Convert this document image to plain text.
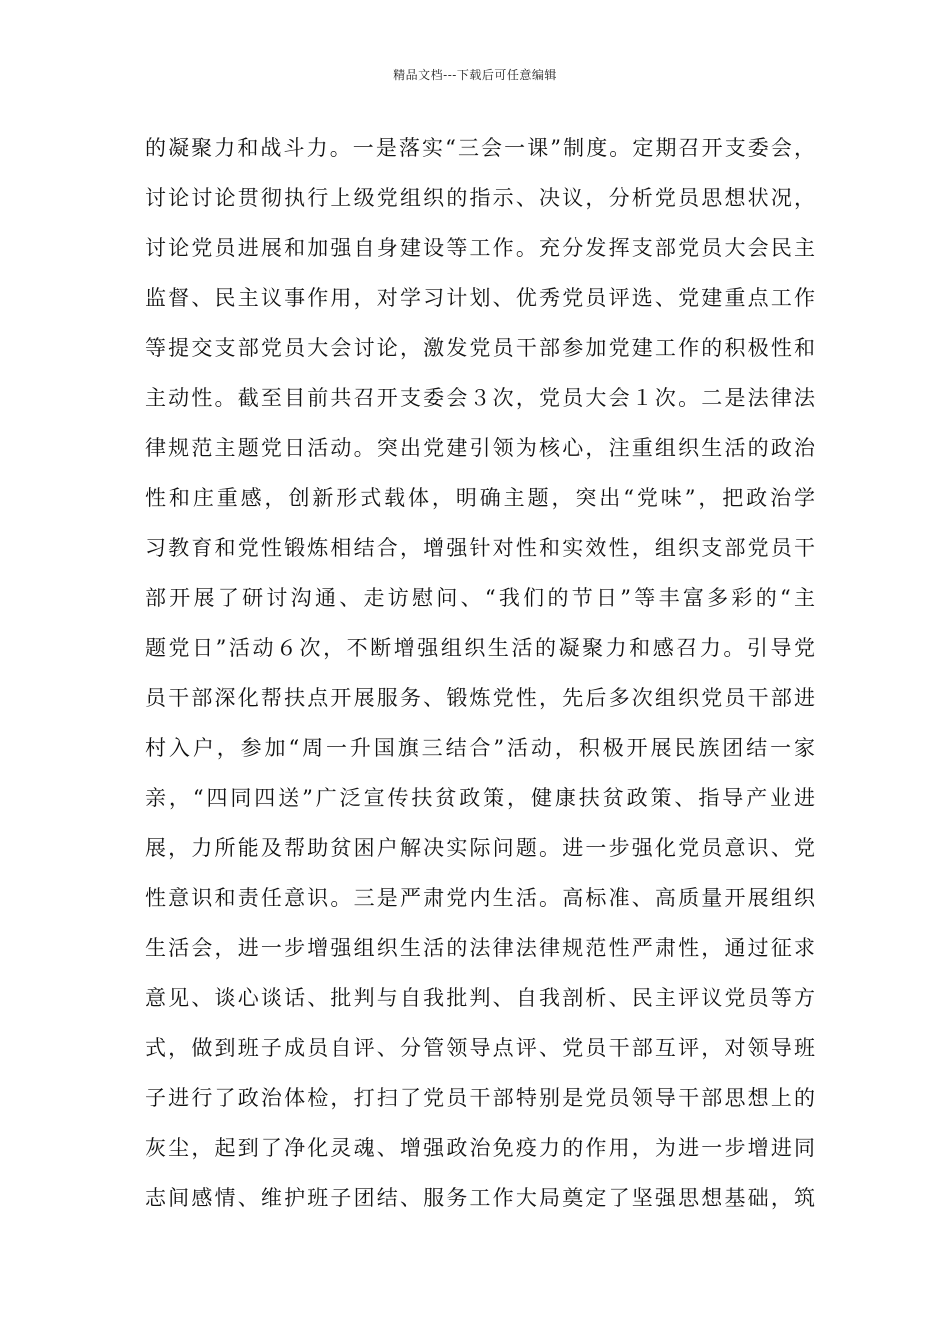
精品文档---下载后可任意编辑
的凝聚力和战斗力。一是落实“三会一课”制度。定期召开支委会，
讨论讨论贯彻执行上级党组织的指示、决议，分析党员思想状况，
讨论党员进展和加强自身建设等工作。充分发挥支部党员大会民主
监督、民主议事作用，对学习计划、优秀党员评选、党建重点工作
等提交支部党员大会讨论，激发党员干部参加党建工作的积极性和
主动性。截至目前共召开支委会３次，党员大会１次。二是法律法
律规范主题党日活动。突出党建引领为核心，注重组织生活的政治
性和庄重感，创新形式载体，明确主题，突出“党味”，把政治学
习教育和党性锻炼相结合，增强针对性和实效性，组织支部党员干
部开展了研讨沟通、走访慰问、“我们的节日”等丰富多彩的“主
题党日”活动６次，不断增强组织生活的凝聚力和感召力。引导党
员干部深化帮扶点开展服务、锻炼党性，先后多次组织党员干部进
村入户，参加“周一升国旗三结合”活动，积极开展民族团结一家
亲，“四同四送”广泛宣传扶贫政策，健康扶贫政策、指导产业进
展，力所能及帮助贫困户解决实际问题。进一步强化党员意识、党
性意识和责任意识。三是严肃党内生活。高标准、高质量开展组织
生活会，进一步增强组织生活的法律法律规范性严肃性，通过征求
意见、谈心谈话、批判与自我批判、自我剖析、民主评议党员等方
式，做到班子成员自评、分管领导点评、党员干部互评，对领导班
子进行了政治体检，打扫了党员干部特别是党员领导干部思想上的
灰尘，起到了净化灵魂、增强政治免疫力的作用，为进一步增进同
志间感情、维护班子团结、服务工作大局奠定了坚强思想基础，筑
